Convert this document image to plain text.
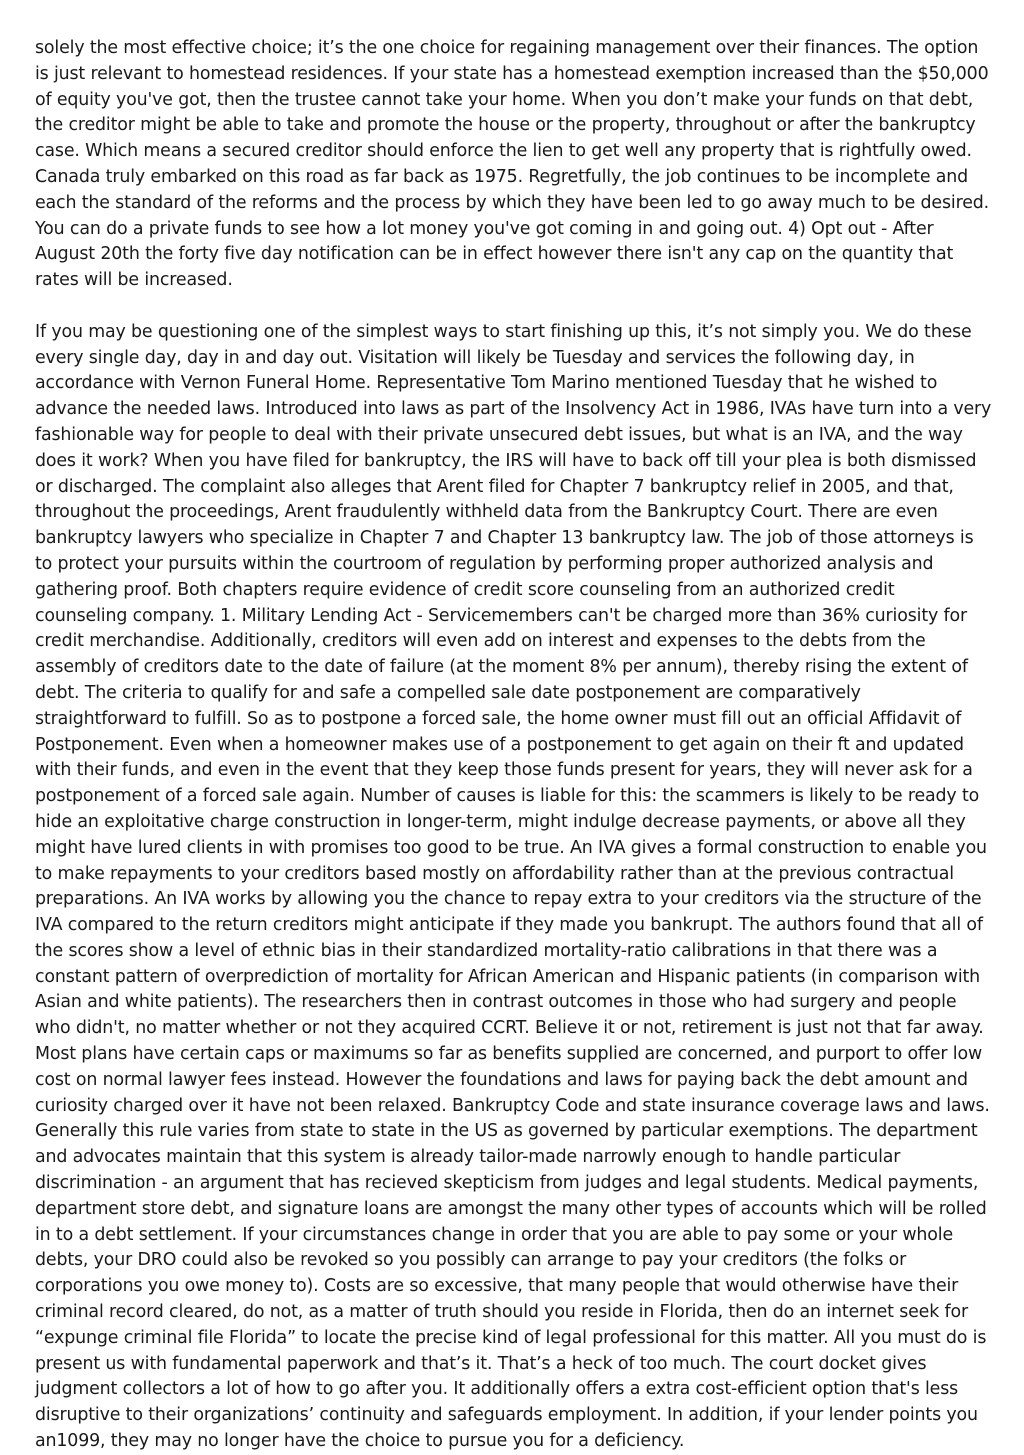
solely the most effective choice; it’s the one choice for regaining management over their finances. The option is just relevant to homestead residences. If your state has a homestead exemption increased than the $50,000 of equity you've got, then the trustee cannot take your home. When you don’t make your funds on that debt, the creditor might be able to take and promote the house or the property, throughout or after the bankruptcy case. Which means a secured creditor should enforce the lien to get well any property that is rightfully owed. Canada truly embarked on this road as far back as 1975. Regretfully, the job continues to be incomplete and each the standard of the reforms and the process by which they have been led to go away much to be desired. You can do a private funds to see how a lot money you've got coming in and going out. 4) Opt out - After August 20th the forty five day notification can be in effect however there isn't any cap on the quantity that rates will be increased.

If you may be questioning one of the simplest ways to start finishing up this, it’s not simply you. We do these every single day, day in and day out. Visitation will likely be Tuesday and services the following day, in accordance with Vernon Funeral Home. Representative Tom Marino mentioned Tuesday that he wished to advance the needed laws. Introduced into laws as part of the Insolvency Act in 1986, IVAs have turn into a very fashionable way for people to deal with their private unsecured debt issues, but what is an IVA, and the way does it work? When you have filed for bankruptcy, the IRS will have to back off till your plea is both dismissed or discharged. The complaint also alleges that Arent filed for Chapter 7 bankruptcy relief in 2005, and that, throughout the proceedings, Arent fraudulently withheld data from the Bankruptcy Court. There are even bankruptcy lawyers who specialize in Chapter 7 and Chapter 13 bankruptcy law. The job of those attorneys is to protect your pursuits within the courtroom of regulation by performing proper authorized analysis and gathering proof. Both chapters require evidence of credit score counseling from an authorized credit counseling company. 1. Military Lending Act - Servicemembers can't be charged more than 36% curiosity for credit merchandise. Additionally, creditors will even add on interest and expenses to the debts from the assembly of creditors date to the date of failure (at the moment 8% per annum), thereby rising the extent of debt. The criteria to qualify for and safe a compelled sale date postponement are comparatively straightforward to fulfill. So as to postpone a forced sale, the home owner must fill out an official Affidavit of Postponement. Even when a homeowner makes use of a postponement to get again on their ft and updated with their funds, and even in the event that they keep those funds present for years, they will never ask for a postponement of a forced sale again. Number of causes is liable for this: the scammers is likely to be ready to hide an exploitative charge construction in longer-term, might indulge decrease payments, or above all they might have lured clients in with promises too good to be true. An IVA gives a formal construction to enable you to make repayments to your creditors based mostly on affordability rather than at the previous contractual preparations. An IVA works by allowing you the chance to repay extra to your creditors via the structure of the IVA compared to the return creditors might anticipate if they made you bankrupt. The authors found that all of the scores show a level of ethnic bias in their standardized mortality-ratio calibrations in that there was a constant pattern of overprediction of mortality for African American and Hispanic patients (in comparison with Asian and white patients). The researchers then in contrast outcomes in those who had surgery and people who didn't, no matter whether or not they acquired CCRT. Believe it or not, retirement is just not that far away. Most plans have certain caps or maximums so far as benefits supplied are concerned, and purport to offer low cost on normal lawyer fees instead. However the foundations and laws for paying back the debt amount and curiosity charged over it have not been relaxed. Bankruptcy Code and state insurance coverage laws and laws. Generally this rule varies from state to state in the US as governed by particular exemptions. The department and advocates maintain that this system is already tailor-made narrowly enough to handle particular discrimination - an argument that has recieved skepticism from judges and legal students. Medical payments, department store debt, and signature loans are amongst the many other types of accounts which will be rolled in to a debt settlement. If your circumstances change in order that you are able to pay some or your whole debts, your DRO could also be revoked so you possibly can arrange to pay your creditors (the folks or corporations you owe money to). Costs are so excessive, that many people that would otherwise have their criminal record cleared, do not, as a matter of truth should you reside in Florida, then do an internet seek for “expunge criminal file Florida” to locate the precise kind of legal professional for this matter. All you must do is present us with fundamental paperwork and that’s it. That’s a heck of too much. The court docket gives judgment collectors a lot of how to go after you. It additionally offers a extra cost-efficient option that's less disruptive to their organizations’ continuity and safeguards employment. In addition, if your lender points you an1099, they may no longer have the choice to pursue you for a deficiency.
